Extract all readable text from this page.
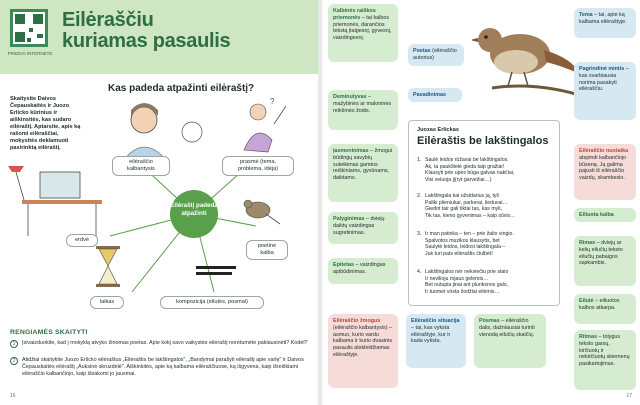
PRIEDAI INTERNETE
Eilėraščiu kuriamas pasaulis
Skaitysite Daivos Čepauskaitės ir Juozo Erlicko kūrinius ir aiškinsitės, kas sudaro eilėraštį. Aptarsite, apie ką rašomi eilėraščiai, mokysitės deklamuoti pasirinktą eilėraštį.
Kas padeda atpažinti eilėraštį?
?
eilėraščio kalbantysis
prasmė (tema, problema, idėja)
Eilėraštį padeda atpažinti
erdvė
poetinė kalba
laikas	kompozicija (eilutės, posmai)
RENGIAMĖS SKAITYTI
1	Įsivaizduokite, kad į mokyklą atvyko žinomas poetas. Apie kokį savo vaikystės eilėraštį norėtumėte paklausinėti? Kodėl?
2	Atidžiai skaitykite Juozo Erlicko eilėraštus „Eilėraštis be lakštingalos", „Bandymai parašyti eilėraštį apie varlę" ir Daivos Čepauskaitės eilėraštį „Auksinė skruzdėlė". Aiškinkitės, apie ką kalbama eilėraščiuose, ką išgyvena, kaip išreiškiami eilėraščio kalbančiojo, kaip išsakomi jo jausmai.
16
Kalbinės raiškos priemonės – tai kalbos priemonės, darančios tekstą įtaigesnį, gyvesnį, vaizdingesnį.
Poetas (eilėraščio autorius)
Pavadinimas
Deminutyvas – mažybinės ar maloninės reikšmės žodis.
Įasmeninimas – žmogui būdingų savybių suteikimas gamtos reiškiniams, gyvūnams, daiktams.
Palyginimas – dviejų daiktų vaizdingas sugretinimas.
Epitetas – vaizdingas apibūdinimas.
Eilėraščio žmogus (eilėraščio kalbantysis) – asmuo, kurio vardu kalbama ir kurio dvasinis pasaulis atskleidžiamas eilėraštyje.
Eilėraščio situacija – tai, kas vyksta eilėraštyje, kur ir kada vyksta.
Pósmas – eilėraščio dalis, dažniausiai turinti vienodą eilučių skaičių.
Tema – tai, apie ką kalbama eilėraštyje.
Pagrindinė mintis – kas svarbiausia norima pasakyti eilėraščiu.
Eilėraščio nuotaika atspindi kalbančiojo būseną. Ją galima pajusti iš eilėraščio vaizdų, skambesio.
Eiliuota kalba
Rimas – dviejų ar kelių eilučių teksto eilučių pabaigos sąskambis.
Eilutė – eiliuotos kalbos atkarpa.
Ritmas – tolygus teksto garsų, kirčiuotų ir nekirčiuotų skiemenų pasikartojimas.
Juozas Erlickas
Eilėraštis be lakštingalos
1. Saulė leidos rūžavai be lakštingalos.
Ak, ta paukštelė gieda taip gražiai!
Klausyti prie upės būga galvas nakčiai,
Visi veluoja jį(ryt garvežiai…)
2. Lakštingala kai užsidarius ją, tyli
Paliki plieniukai, parkerai, lieduvai…
Giedot tair gali tiktai tas, kas myli,
Tik tas, kieno gyvenimas – kaip sūvis…
3. Ir man patinka – ten – prie žalio vingio.
Spalvotos muzikos klausytis, bet
Saulytė leidos, leidosi lakštingala –
Juk turi pats eilėraštis čiulbėt!
4. Lakštingalos nėr nekviečiu prie staio
Ir nevilioju rojaus gelemis…
Bet nutupia jinai ant plunksnos galo,
Ir tuomet virsta žodžiai eilėmis…
17
